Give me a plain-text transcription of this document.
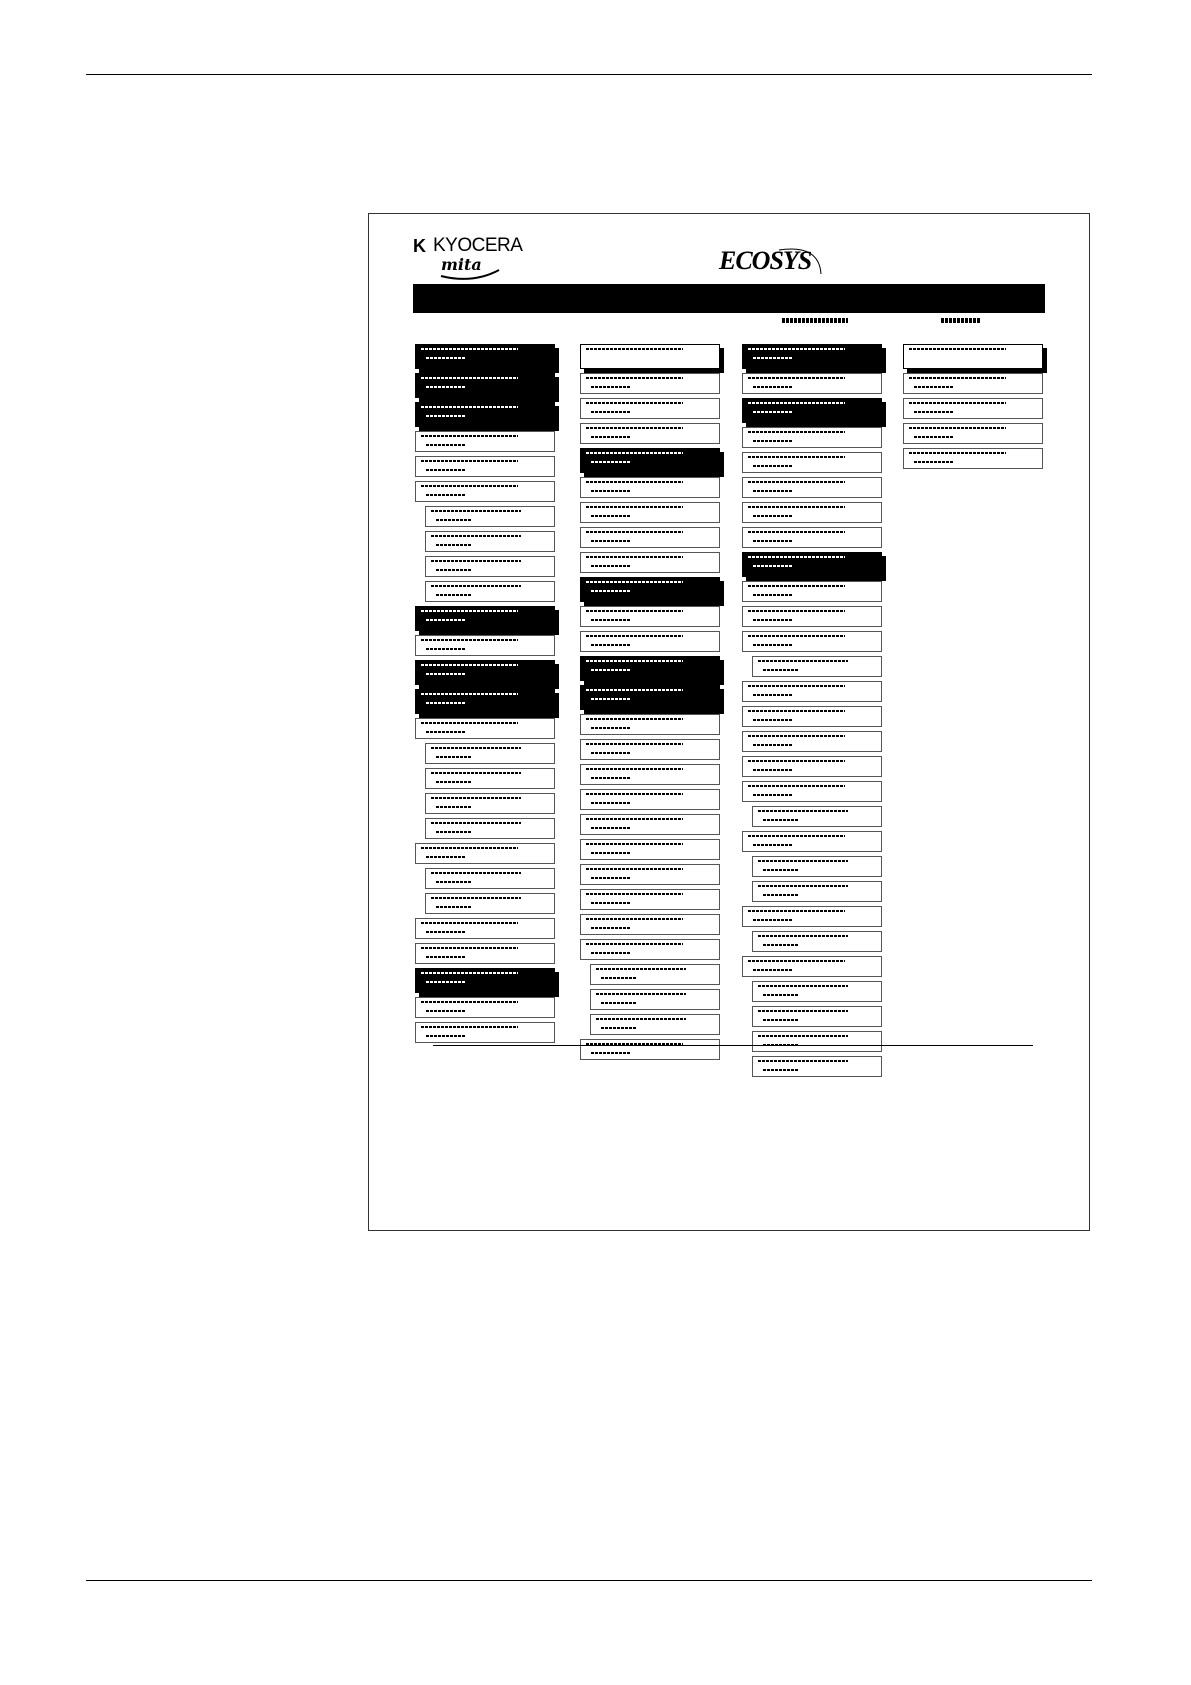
K KYOCERA
mita	ECOSYS
